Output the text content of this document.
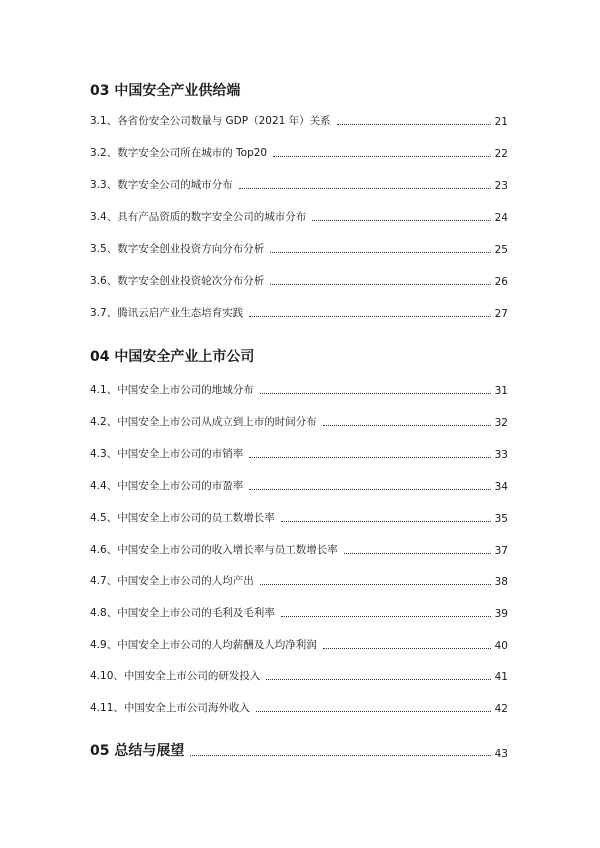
03 中国安全产业供给端
3.1、各省份安全公司数量与 GDP（2021 年）关系	21
3.2、数字安全公司所在城市的 Top20	22
3.3、数字安全公司的城市分布	23
3.4、具有产品资质的数字安全公司的城市分布	24
3.5、数字安全创业投资方向分布分析	25
3.6、数字安全创业投资轮次分布分析	26
3.7、腾讯云启产业生态培育实践	27
04 中国安全产业上市公司
4.1、中国安全上市公司的地域分布	31
4.2、中国安全上市公司从成立到上市的时间分布	32
4.3、中国安全上市公司的市销率	33
4.4、中国安全上市公司的市盈率	34
4.5、中国安全上市公司的员工数增长率	35
4.6、中国安全上市公司的收入增长率与员工数增长率	37
4.7、中国安全上市公司的人均产出	38
4.8、中国安全上市公司的毛利及毛利率	39
4.9、中国安全上市公司的人均薪酬及人均净利润	40
4.10、中国安全上市公司的研发投入	41
4.11、中国安全上市公司海外收入	42
05 总结与展望	43
